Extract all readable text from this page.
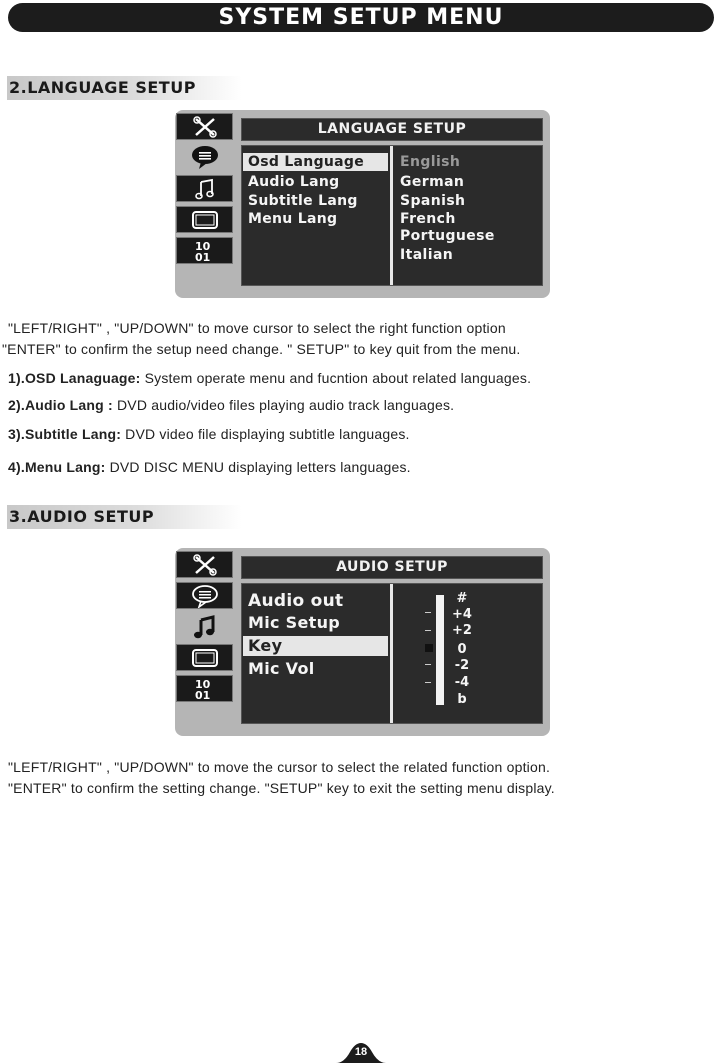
SYSTEM SETUP MENU
2.LANGUAGE SETUP
10
01
LANGUAGE SETUP
Osd Language
Audio Lang
Subtitle Lang
Menu Lang
English
German
Spanish
French
Portuguese
Italian
"LEFT/RIGHT" , "UP/DOWN" to move cursor to select the right function option
"ENTER" to confirm the setup need change. " SETUP" to key quit from the menu.
1).OSD Lanaguage: System operate menu and fucntion about related languages.
2).Audio Lang : DVD audio/video files playing audio track languages.
3).Subtitle Lang: DVD video file displaying subtitle languages.
4).Menu Lang: DVD DISC MENU displaying letters languages.
3.AUDIO SETUP
10
01
AUDIO SETUP
Audio out
Mic Setup
Key
Mic Vol
#
+4
+2
0
-2
-4
b
"LEFT/RIGHT" , "UP/DOWN" to move the cursor to select the related function option.
"ENTER" to confirm the setting change. "SETUP" key to exit the setting menu display.
18
